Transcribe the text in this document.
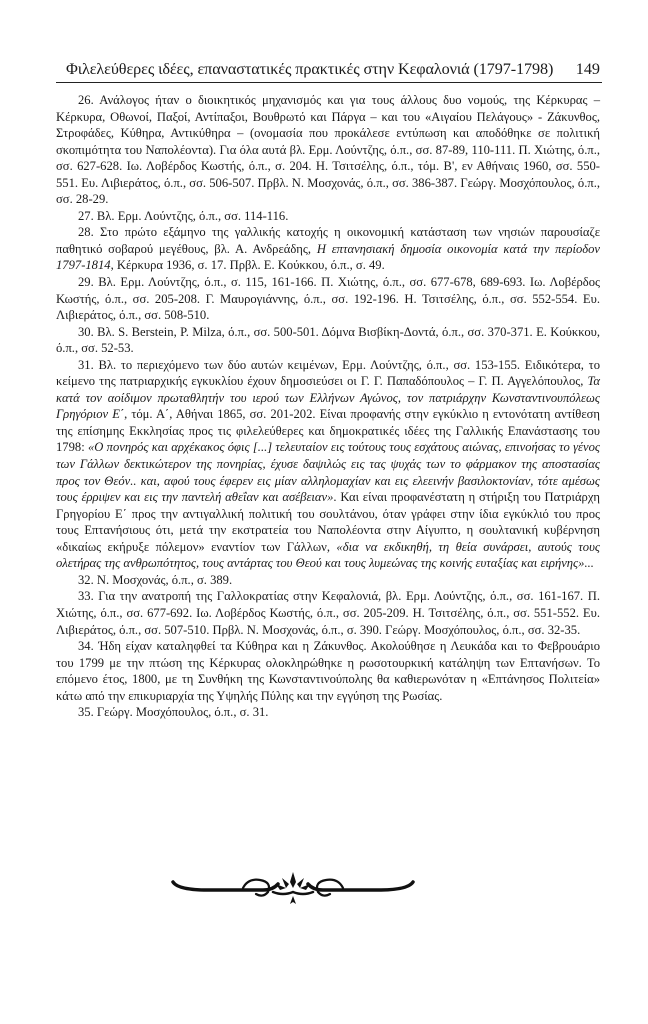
Φιλελεύθερες ιδέες, επαναστατικές πρακτικές στην Κεφαλονιά (1797-1798) 149

26. Ανάλογος ήταν ο διοικητικός μηχανισμός και για τους άλλους δυο νομούς, της Κέρκυρας – Κέρκυρα, Οθωνοί, Παξοί, Αντίπαξοι, Βουθρωτό και Πάργα – και του «Αιγαίου Πελάγους» - Ζάκυνθος, Στροφάδες, Κύθηρα, Αντικύθηρα – (ονομασία που προκάλεσε εντύπωση και αποδόθηκε σε πολιτική σκοπιμότητα του Ναπολέοντα). Για όλα αυτά βλ. Ερμ. Λούντζης, ό.π., σσ. 87-89, 110-111. Π. Χιώτης, ό.π., σσ. 627-628. Ιω. Λοβέρδος Κωστής, ό.π., σ. 204. Η. Τσιτσέλης, ό.π., τόμ. Β', εν Αθήναις 1960, σσ. 550-551. Ευ. Λιβιεράτος, ό.π., σσ. 506-507. Πρβλ. Ν. Μοσχονάς, ό.π., σσ. 386-387. Γεώργ. Μοσχόπουλος, ό.π., σσ. 28-29.

27. Βλ. Ερμ. Λούντζης, ό.π., σσ. 114-116.

28. Στο πρώτο εξάμηνο της γαλλικής κατοχής η οικονομική κατάσταση των νησιών παρουσίαζε παθητικό σοβαρού μεγέθους, βλ. Α. Ανδρεάδης, Η επτανησιακή δημοσία οικονομία κατά την περίοδον 1797-1814, Κέρκυρα 1936, σ. 17. Πρβλ. Ε. Κούκκου, ό.π., σ. 49.

29. Βλ. Ερμ. Λούντζης, ό.π., σ. 115, 161-166. Π. Χιώτης, ό.π., σσ. 677-678, 689-693. Ιω. Λοβέρδος Κωστής, ό.π., σσ. 205-208. Γ. Μαυρογιάννης, ό.π., σσ. 192-196. Η. Τσιτσέλης, ό.π., σσ. 552-554. Ευ. Λιβιεράτος, ό.π., σσ. 508-510.

30. Βλ. S. Berstein, P. Milza, ό.π., σσ. 500-501. Δόμνα Βισβίκη-Δοντά, ό.π., σσ. 370-371. Ε. Κούκκου, ό.π., σσ. 52-53.

31. Βλ. το περιεχόμενο των δύο αυτών κειμένων, Ερμ. Λούντζης, ό.π., σσ. 153-155. Ειδικότερα, το κείμενο της πατριαρχικής εγκυκλίου έχουν δημοσιεύσει οι Γ. Γ. Παπαδόπουλος – Γ. Π. Αγγελόπουλος, Τα κατά τον αοίδιμον πρωταθλητήν του ιερού των Ελλήνων Αγώνος, τον πατριάρχην Κωνσταντινουπόλεως Γρηγόριον Ε΄, τόμ. Α΄, Αθήναι 1865, σσ. 201-202. Είναι προφανής στην εγκύκλιο η εντονότατη αντίθεση της επίσημης Εκκλησίας προς τις φιλελεύθερες και δημοκρατικές ιδέες της Γαλλικής Επανάστασης του 1798: «Ο πονηρός και αρχέκακος όφις [...] τελευταίον εις τούτους τους εσχάτους αιώνας, επινοήσας το γένος των Γάλλων δεκτικώτερον της πονηρίας, έχυσε δαψιλώς εις τας ψυχάς των το φάρμακον της αποστασίας προς τον Θεόν.. και, αφού τους έφερεν εις μίαν αλληλομαχίαν και εις ελεεινήν βασιλοκτονίαν, τότε αμέσως τους έρριψεν και εις την παντελή αθεΐαν και ασέβειαν». Και είναι προφανέστατη η στήριξη του Πατριάρχη Γρηγορίου Ε΄ προς την αντιγαλλική πολιτική του σουλτάνου, όταν γράφει στην ίδια εγκύκλιό του προς τους Επτανήσιους ότι, μετά την εκστρατεία του Ναπολέοντα στην Αίγυπτο, η σουλτανική κυβέρνηση «δικαίως εκήρυξε πόλεμον» εναντίον των Γάλλων, «δια να εκδικηθή, τη θεία συνάρσει, αυτούς τους ολετήρας της ανθρωπότητος, τους αντάρτας του Θεού και τους λυμεώνας της κοινής ευταξίας και ειρήνης»...

32. Ν. Μοσχονάς, ό.π., σ. 389.

33. Για την ανατροπή της Γαλλοκρατίας στην Κεφαλονιά, βλ. Ερμ. Λούντζης, ό.π., σσ. 161-167. Π. Χιώτης, ό.π., σσ. 677-692. Ιω. Λοβέρδος Κωστής, ό.π., σσ. 205-209. Η. Τσιτσέλης, ό.π., σσ. 551-552. Ευ. Λιβιεράτος, ό.π., σσ. 507-510. Πρβλ. Ν. Μοσχονάς, ό.π., σ. 390. Γεώργ. Μοσχόπουλος, ό.π., σσ. 32-35.

34. Ήδη είχαν καταληφθεί τα Κύθηρα και η Ζάκυνθος. Ακολούθησε η Λευκάδα και το Φεβρουάριο του 1799 με την πτώση της Κέρκυρας ολοκληρώθηκε η ρωσοτουρκική κατάληψη των Επτανήσων. Το επόμενο έτος, 1800, με τη Συνθήκη της Κωνσταντινούπολης θα καθιερωνόταν η «Επτάνησος Πολιτεία» κάτω από την επικυριαρχία της Υψηλής Πύλης και την εγγύηση της Ρωσίας.

35. Γεώργ. Μοσχόπουλος, ό.π., σ. 31.
